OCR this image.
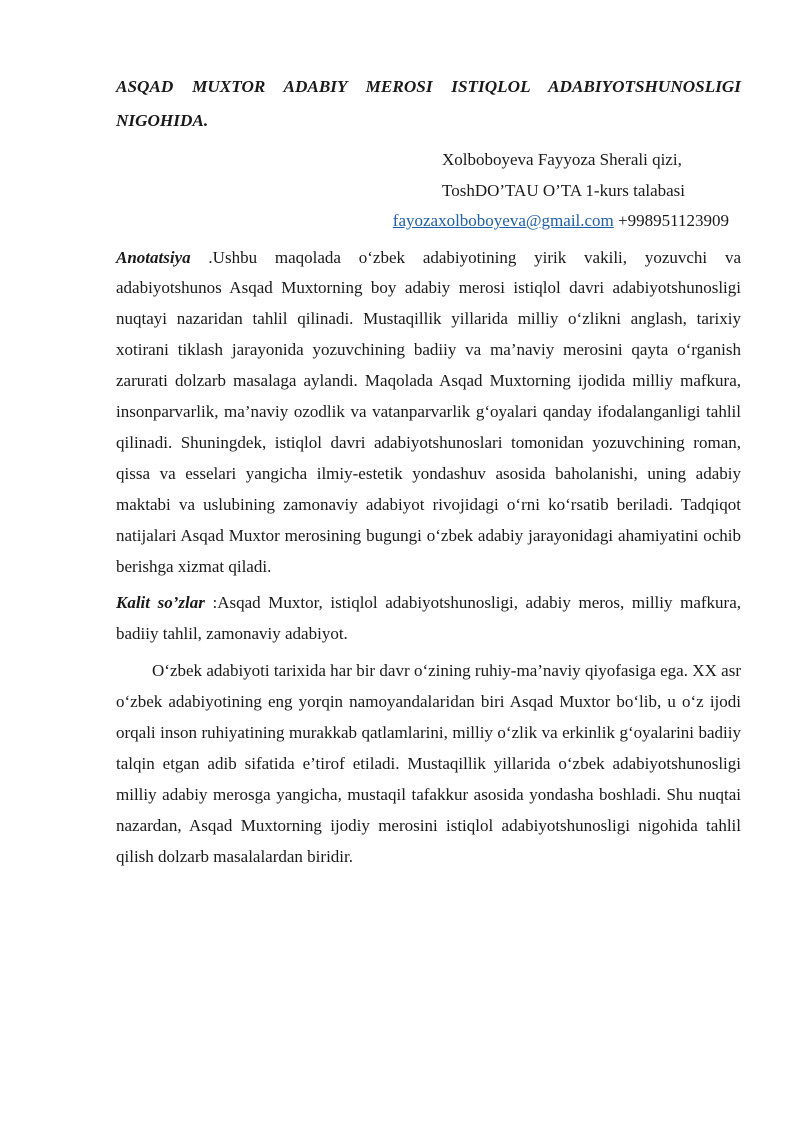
ASQAD MUXTOR ADABIY MEROSI ISTIQLOL ADABIYOTSHUNOSLIGI NIGOHIDA.

Xolboboyeva Fayyoza Sherali qizi,
ToshDO’TAU O’TA 1-kurs talabasi
fayozaxolboboyeva@gmail.com +998951123909

Anotatsiya .Ushbu maqolada o‘zbek adabiyotining yirik vakili, yozuvchi va adabiyotshunos Asqad Muxtorning boy adabiy merosi istiqlol davri adabiyotshunosligi nuqtayi nazaridan tahlil qilinadi. Mustaqillik yillarida milliy o‘zlikni anglash, tarixiy xotirani tiklash jarayonida yozuvchining badiiy va ma’naviy merosini qayta o‘rganish zarurati dolzarb masalaga aylandi. Maqolada Asqad Muxtorning ijodida milliy mafkura, insonparvarlik, ma’naviy ozodlik va vatanparvarlik g‘oyalari qanday ifodalanganligi tahlil qilinadi. Shuningdek, istiqlol davri adabiyotshunoslari tomonidan yozuvchining roman, qissa va esselari yangicha ilmiy-estetik yondashuv asosida baholanishi, uning adabiy maktabi va uslubining zamonaviy adabiyot rivojidagi o‘rni ko‘rsatib beriladi. Tadqiqot natijalari Asqad Muxtor merosining bugungi o‘zbek adabiy jarayonidagi ahamiyatini ochib berishga xizmat qiladi.

Kalit so’zlar :Asqad Muxtor, istiqlol adabiyotshunosligi, adabiy meros, milliy mafkura, badiiy tahlil, zamonaviy adabiyot.

O‘zbek adabiyoti tarixida har bir davr o‘zining ruhiy-ma’naviy qiyofasiga ega. XX asr o‘zbek adabiyotining eng yorqin namoyandalaridan biri Asqad Muxtor bo‘lib, u o‘z ijodi orqali inson ruhiyatining murakkab qatlamlarini, milliy o‘zlik va erkinlik g‘oyalarini badiiy talqin etgan adib sifatida e’tirof etiladi. Mustaqillik yillarida o‘zbek adabiyotshunosligi milliy adabiy merosga yangicha, mustaqil tafakkur asosida yondasha boshladi. Shu nuqtai nazardan, Asqad Muxtorning ijodiy merosini istiqlol adabiyotshunosligi nigohida tahlil qilish dolzarb masalalardan biridir.
